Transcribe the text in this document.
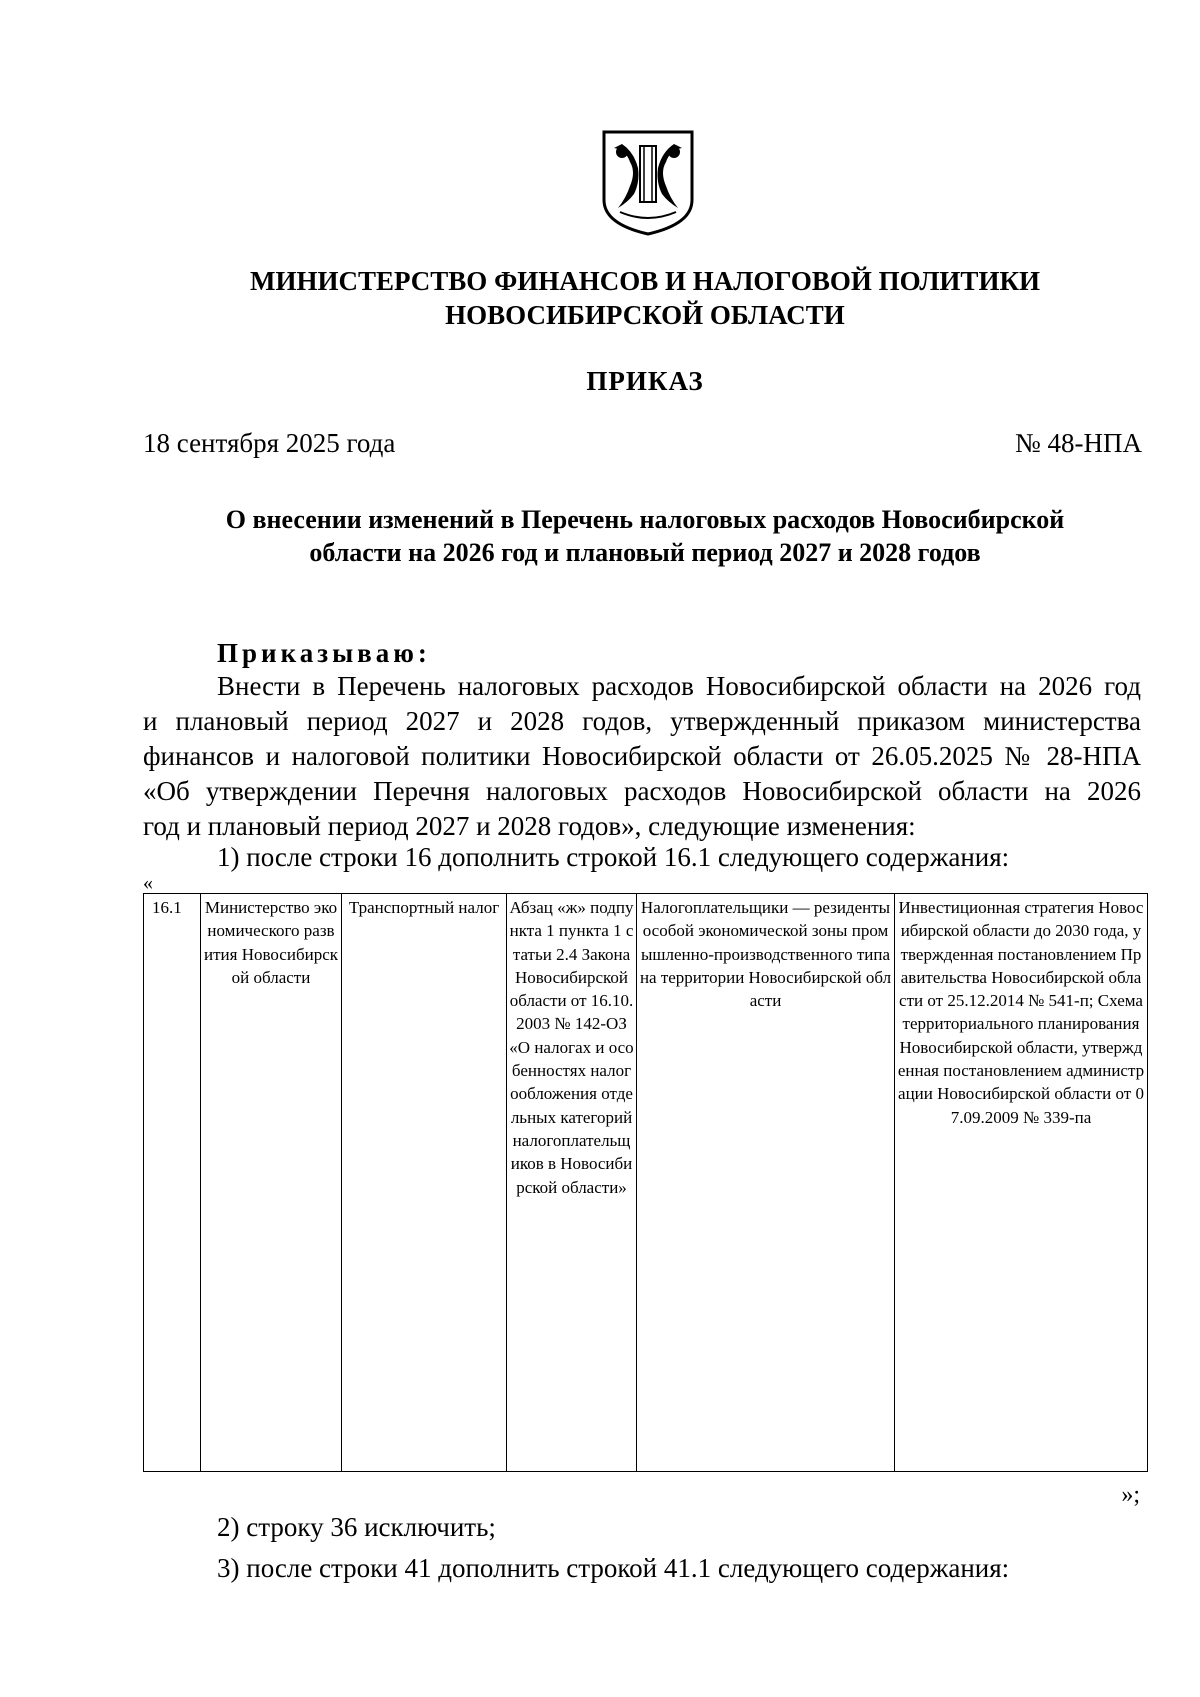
МИНИСТЕРСТВО ФИНАНСОВ И НАЛОГОВОЙ ПОЛИТИКИ
НОВОСИБИРСКОЙ ОБЛАСТИ
ПРИКАЗ
18 сентября 2025 года	№ 48-НПА
О внесении изменений в Перечень налоговых расходов Новосибирской
области на 2026 год и плановый период 2027 и 2028 годов
Приказываю:
Внести в Перечень налоговых расходов Новосибирской области на 2026 год
и плановый период 2027 и 2028 годов, утвержденный приказом министерства
финансов и налоговой политики Новосибирской области от 26.05.2025 № 28-НПА
«Об утверждении Перечня налоговых расходов Новосибирской области на 2026
год и плановый период 2027 и 2028 годов», следующие изменения:
1) после строки 16 дополнить строкой 16.1 следующего содержания:
«
16.1	Министерство экономического развития Новосибирской области	Транспортный налог	Абзац «ж» подпункта 1 пункта 1 статьи 2.4 Закона Новосибирской области от 16.10.2003 № 142-ОЗ «О налогах и особенностях налогообложения отдельных категорий налогоплательщиков в Новосибирской области»	Налогоплательщики — резиденты особой экономической зоны промышленно-производственного типа на территории Новосибирской области	Инвестиционная стратегия Новосибирской области до 2030 года, утвержденная постановлением Правительства Новосибирской области от 25.12.2014 № 541-п; Схема территориального планирования Новосибирской области, утвержденная постановлением администрации Новосибирской области от 07.09.2009 № 339-па
»;
2) строку 36 исключить;
3) после строки 41 дополнить строкой 41.1 следующего содержания:
